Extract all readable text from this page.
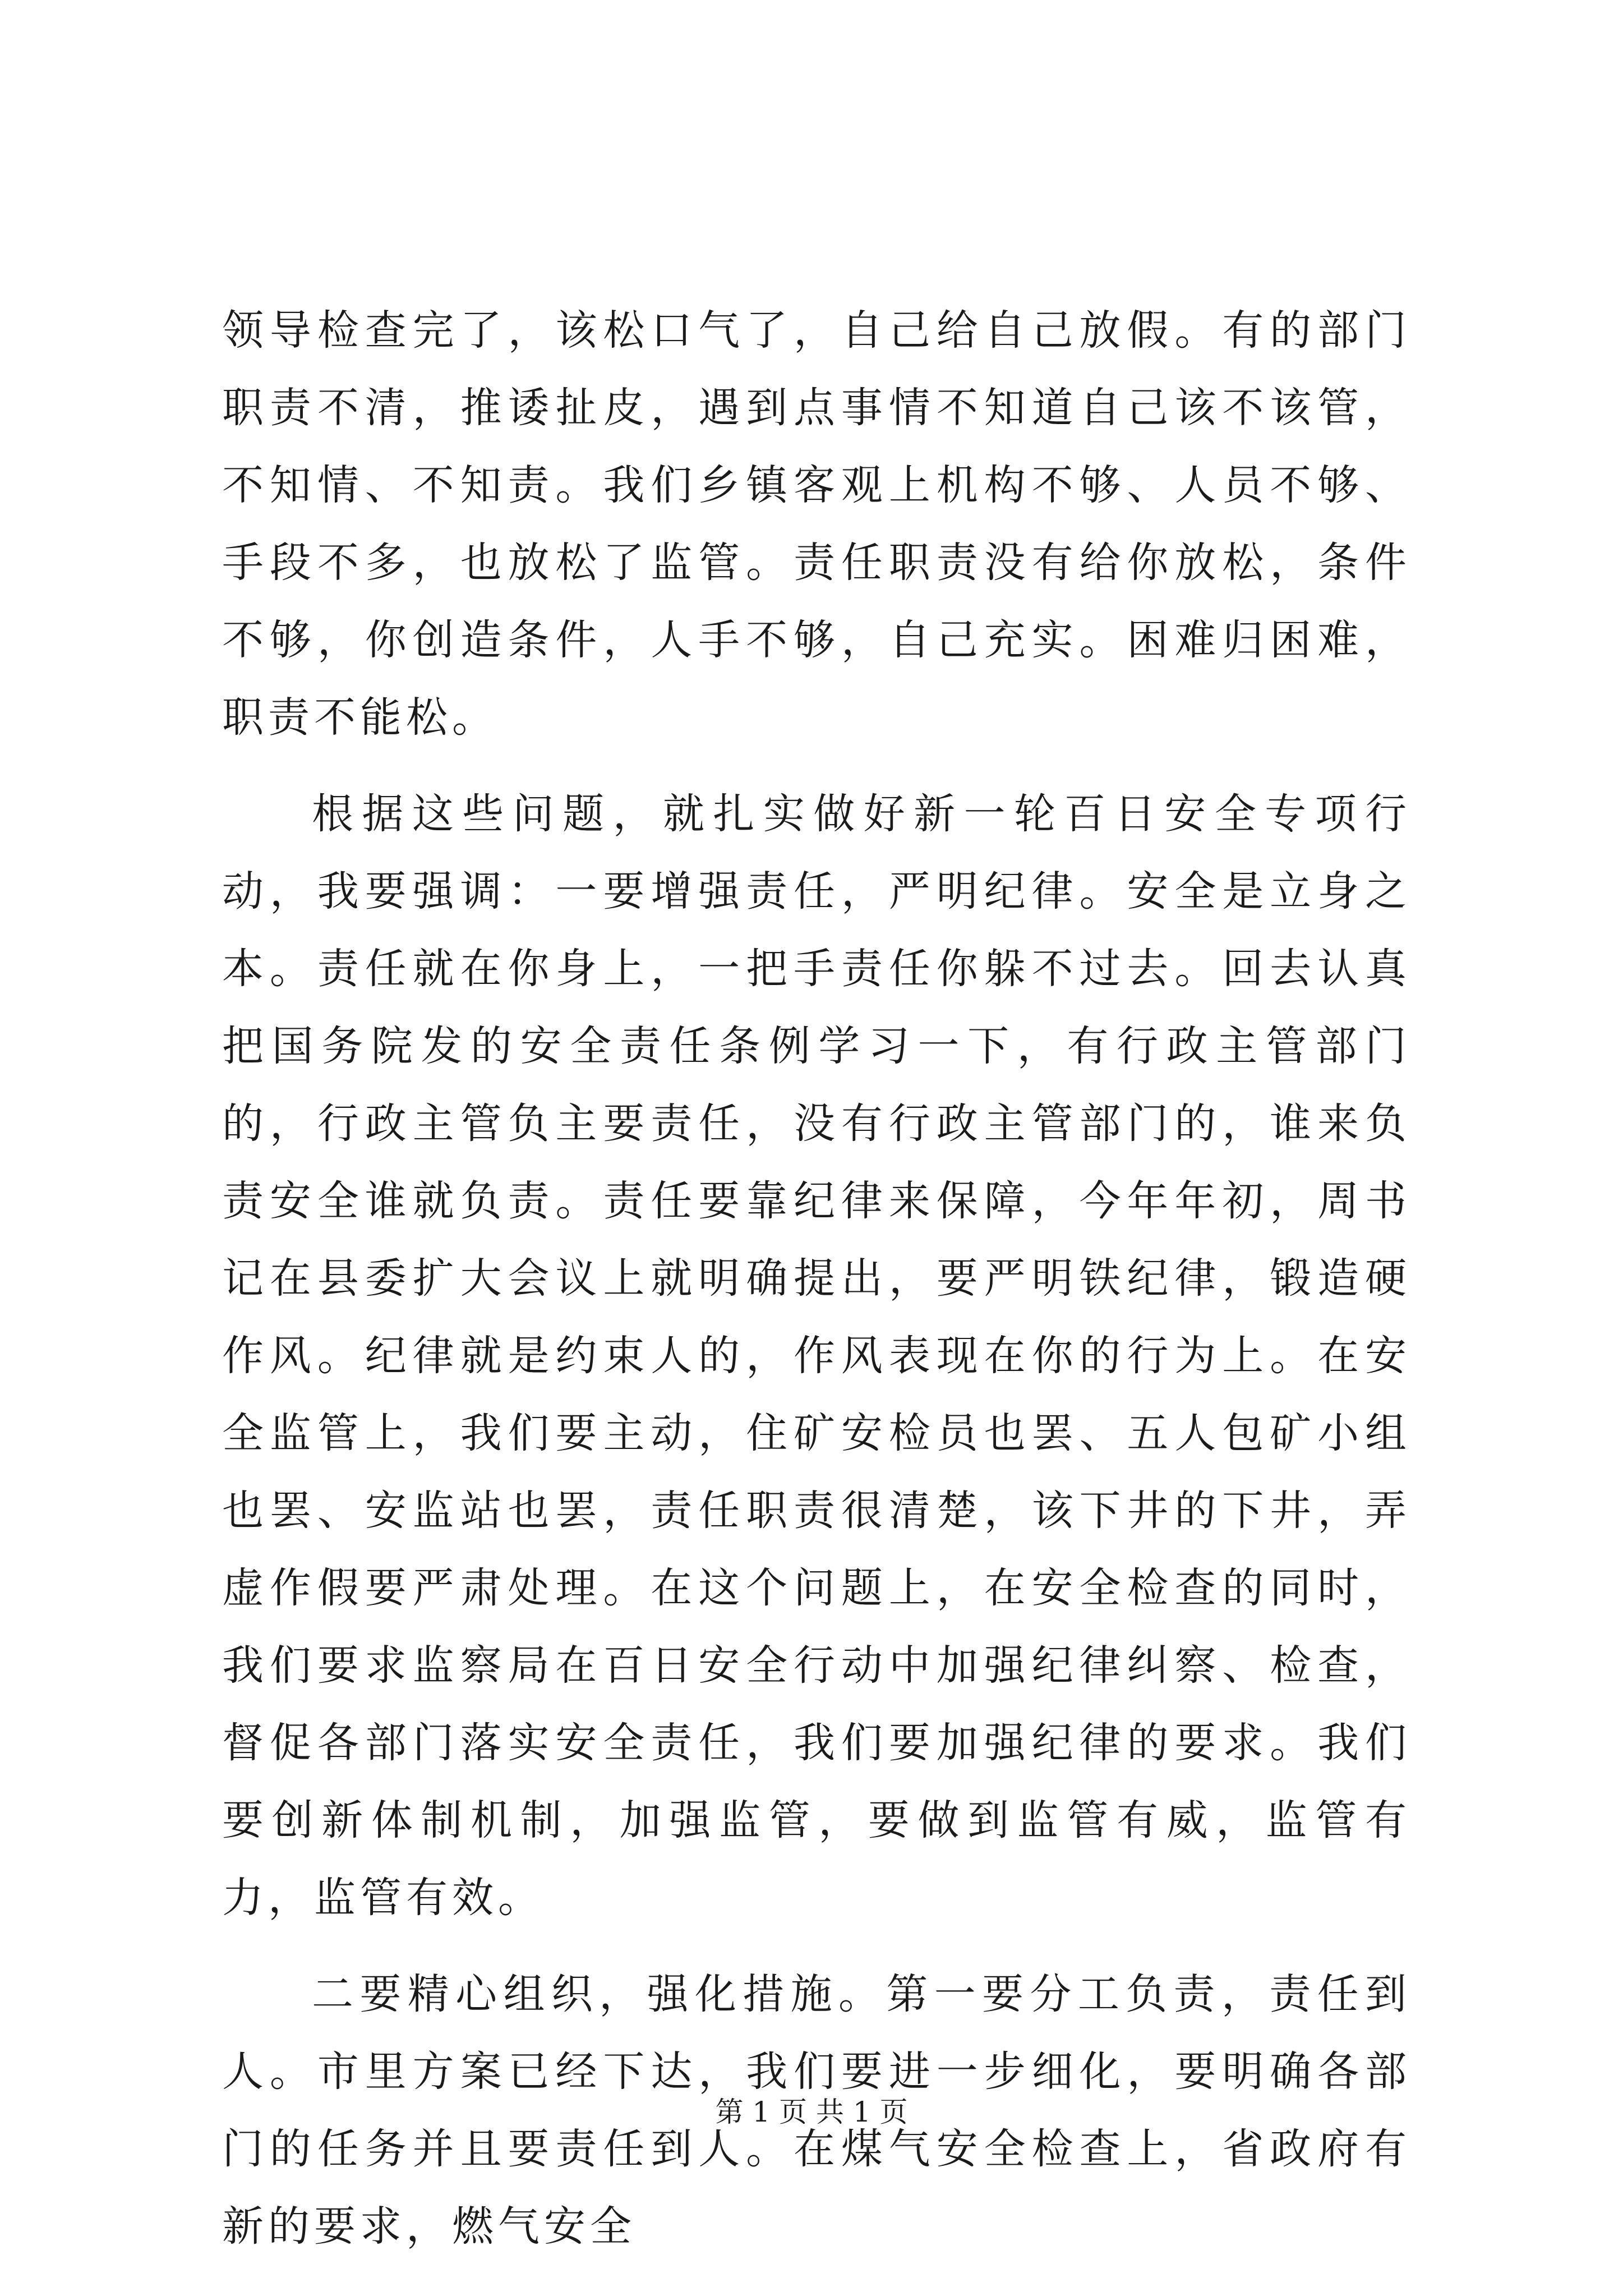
领导检查完了，该松口气了，自己给自己放假。有的部门职责不清，推诿扯皮，遇到点事情不知道自己该不该管，不知情、不知责。我们乡镇客观上机构不够、人员不够、手段不多，也放松了监管。责任职责没有给你放松，条件不够，你创造条件，人手不够，自己充实。困难归困难，职责不能松。

根据这些问题，就扎实做好新一轮百日安全专项行动，我要强调：一要增强责任，严明纪律。安全是立身之本。责任就在你身上，一把手责任你躲不过去。回去认真把国务院发的安全责任条例学习一下，有行政主管部门的，行政主管负主要责任，没有行政主管部门的，谁来负责安全谁就负责。责任要靠纪律来保障，今年年初，周书记在县委扩大会议上就明确提出，要严明铁纪律，锻造硬作风。纪律就是约束人的，作风表现在你的行为上。在安全监管上，我们要主动，住矿安检员也罢、五人包矿小组也罢、安监站也罢，责任职责很清楚，该下井的下井，弄虚作假要严肃处理。在这个问题上，在安全检查的同时，我们要求监察局在百日安全行动中加强纪律纠察、检查，督促各部门落实安全责任，我们要加强纪律的要求。我们要创新体制机制，加强监管，要做到监管有威，监管有力，监管有效。

二要精心组织，强化措施。第一要分工负责，责任到人。市里方案已经下达，我们要进一步细化，要明确各部门的任务并且要责任到人。在煤气安全检查上，省政府有新的要求，燃气安全

第 1 页 共 1 页
